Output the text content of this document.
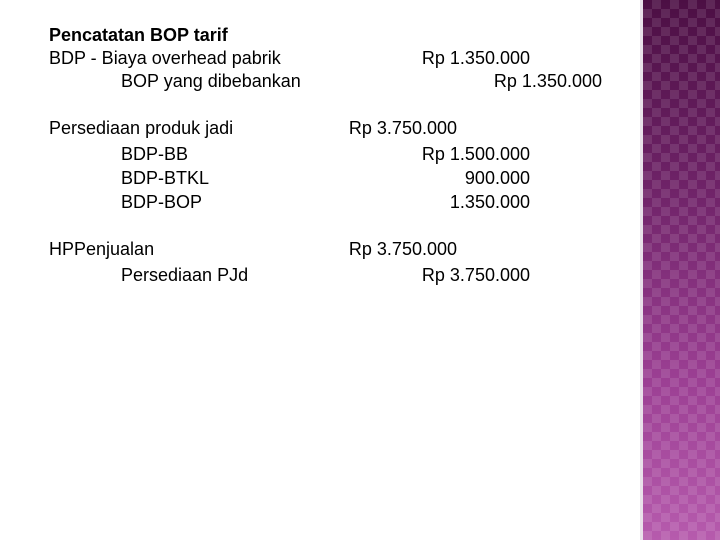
Pencatatan BOP tarif
BDP - Biaya overhead pabrik	Rp 1.350.000
BOP yang dibebankan	Rp 1.350.000
Persediaan produk jadi	Rp 3.750.000
BDP-BB	Rp 1.500.000
BDP-BTKL	900.000
BDP-BOP	1.350.000
HPPenjualan	Rp 3.750.000
Persediaan PJd	Rp 3.750.000
